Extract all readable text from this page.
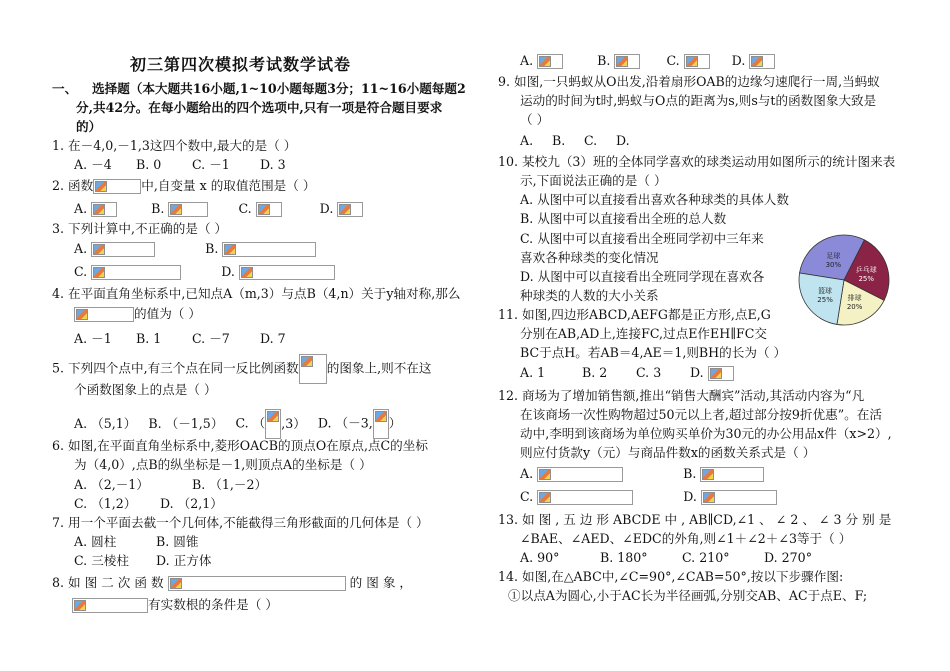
初三第四次模拟考试数学试卷
一、 选择题（本大题共16小题,1~10小题每题3分；11~16小题每题2
分,共42分。在每小题给出的四个选项中,只有一项是符合题目要求
的）
1. 在－4,0,－1,3这四个数中,最大的是（ ）
A. －4 B. 0 C. －1 D. 3
2. 函数	中,自变量 x 的取值范围是（ ）
A.	B.	C.	D.
3. 下列计算中,不正确的是（ ）
A.	B.
C.	D.
4. 在平面直角坐标系中,已知点A（m,3）与点B（4,n）关于y轴对称,那么
的值为（ ）
A. －1 B. 1 C. －7 D. 7
5. 下列四个点中,有三个点在同一反比例函数 的图象上,则不在这
个函数图象上的点是（ ）
A. （5,1） B. （－1,5） C. （ ,3） D. （－3, ）
6. 如图,在平面直角坐标系中,菱形OACB的顶点O在原点,点C的坐标
为（4,0）,点B的纵坐标是－1,则顶点A的坐标是（ ）
A. （2,－1）	B. （1,－2）
C. （1,2） D. （2,1）
7. 用一个平面去截一个几何体,不能截得三角形截面的几何体是（ ）
A. 圆柱	B. 圆锥
C. 三棱柱 D. 正方体
8. 如 图 二 次 函 数	的 图 象 ，
有实数根的条件是（ ）
A.	B.	C.	D.
9. 如图,一只蚂蚁从O出发,沿着扇形OAB的边缘匀速爬行一周,当蚂蚁
运动的时间为t时,蚂蚁与O点的距离为s,则s与t的函数图象大致是
（ ）
A. B. C. D.
10. 某校九（3）班的全体同学喜欢的球类运动用如图所示的统计图来表
示,下面说法正确的是（ ）
A. 从图中可以直接看出喜欢各种球类的具体人数
B. 从图中可以直接看出全班的总人数
C. 从图中可以直接看出全班同学初中三年来
喜欢各种球类的变化情况
D. 从图中可以直接看出全班同学现在喜欢各
种球类的人数的大小关系
足球
30%
乒乓球
25%
排球
20%
篮球
25%
11. 如图,四边形ABCD,AEFG都是正方形,点E,G
分别在AB,AD上,连接FC,过点E作EH∥FC交
BC于点H。若AB＝4,AE＝1,则BH的长为（ ）
A. 1	B. 2 C. 3 D.
12. 商场为了增加销售额,推出“销售大酬宾”活动,其活动内容为“凡
在该商场一次性购物超过50元以上者,超过部分按9折优惠”。在活
动中,李明到该商场为单位购买单价为30元的办公用品x件（x>2）,
则应付货款y（元）与商品件数x的函数关系式是（ ）
A.	B.
C.	D.
13. 如 图 , 五 边 形 ABCDE 中 , AB∥CD,∠1 、 ∠ 2 、 ∠ 3 分 别 是
∠BAE、∠AED、∠EDC的外角,则∠1＋∠2＋∠3等于（ ）
A. 90°	B. 180°	C. 210°	D. 270°
14. 如图,在△ABC中,∠C=90°,∠CAB=50°,按以下步骤作图:
①以点A为圆心,小于AC长为半径画弧,分别交AB、AC于点E、F;
